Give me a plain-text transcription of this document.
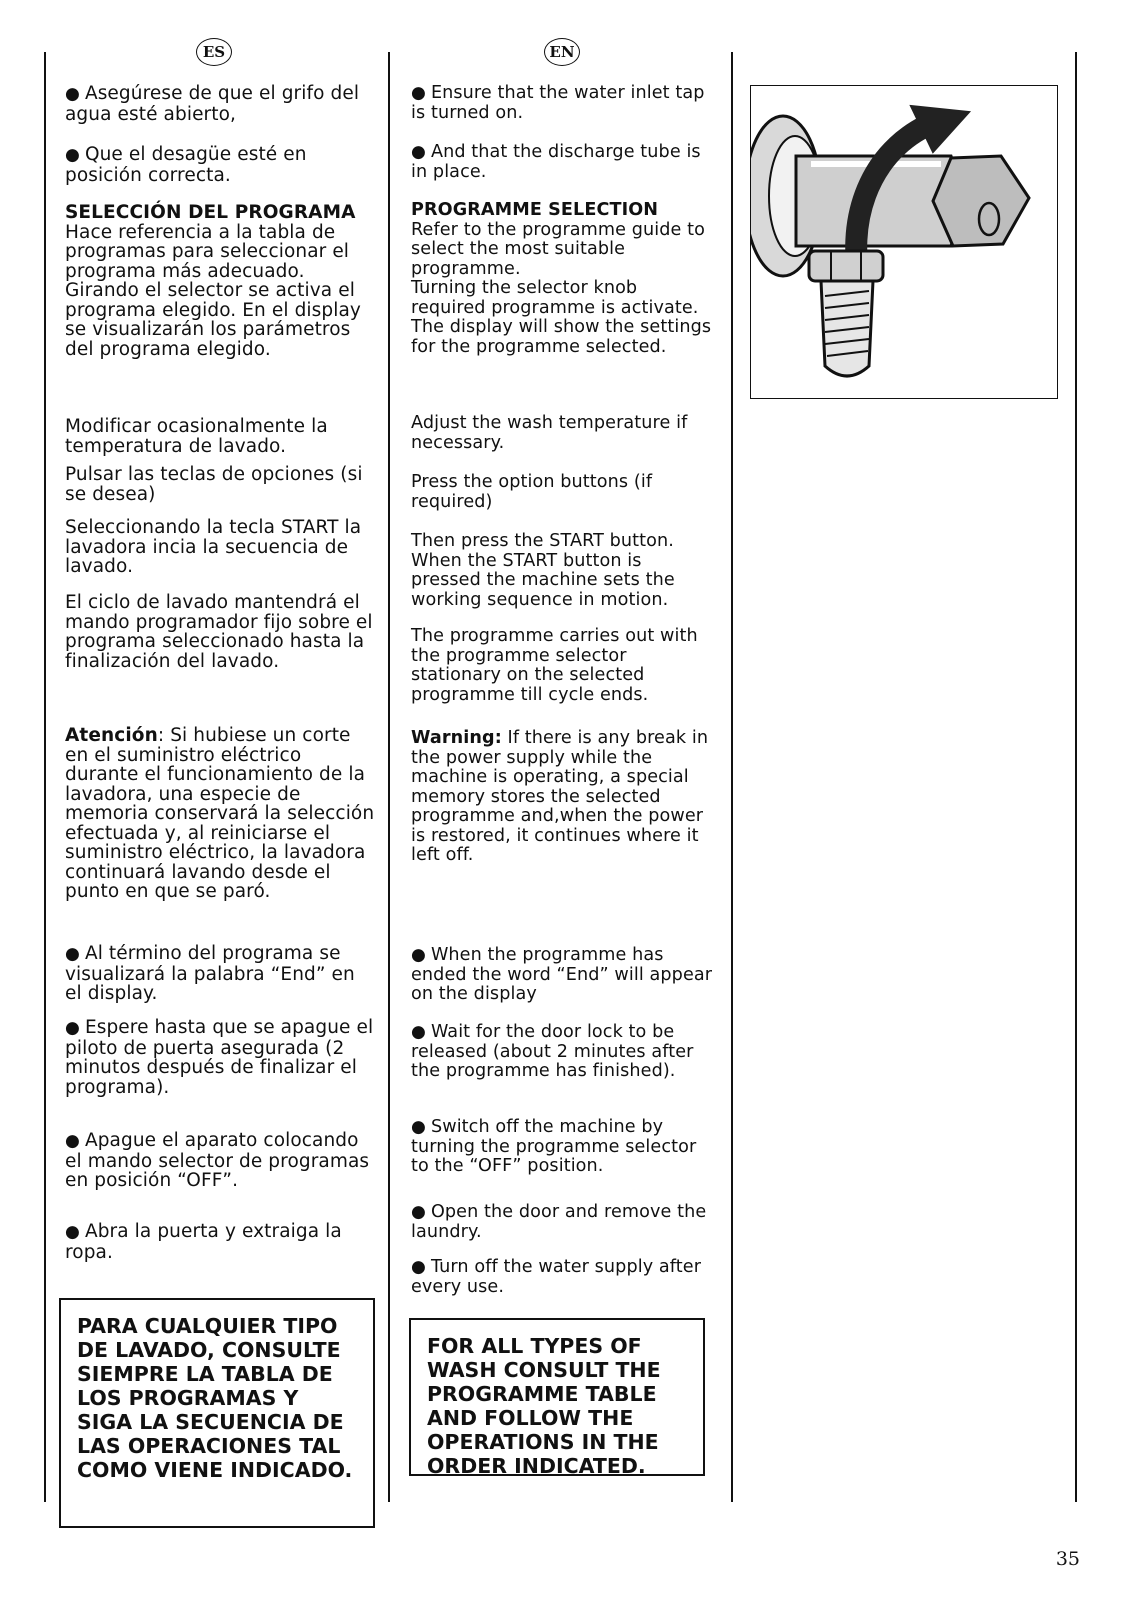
ES	EN

● Asegúrese de que el grifo del agua esté abierto,

● Que el desagüe esté en posición correcta.

SELECCIÓN DEL PROGRAMA

Hace referencia a la tabla de programas para seleccionar el programa más adecuado.

Girando el selector se activa el programa elegido. En el display se visualizarán los parámetros del programa elegido.

Modificar ocasionalmente la temperatura de lavado.

Pulsar las teclas de opciones (si se desea)

Seleccionando la tecla START la lavadora incia la secuencia de lavado.

El ciclo de lavado mantendrá el mando programador fijo sobre el programa seleccionado hasta la finalización del lavado.

Atención: Si hubiese un corte en el suministro eléctrico durante el funcionamiento de la lavadora, una especie de memoria conservará la selección efectuada y, al reiniciarse el suministro eléctrico, la lavadora continuará lavando desde el punto en que se paró.

● Al término del programa se visualizará la palabra “End” en el display.

● Espere hasta que se apague el piloto de puerta asegurada (2 minutos después de finalizar el programa).

● Apague el aparato colocando el mando selector de programas en posición “OFF”.

● Abra la puerta y extraiga la ropa.

● Ensure that the water inlet tap is turned on.

● And that the discharge tube is in place.

PROGRAMME SELECTION

Refer to the programme guide to select the most suitable programme.

Turning the selector knob required programme is activate.

The display will show the settings for the programme selected.

Adjust the wash temperature if necessary.

Press the option buttons (if required)

Then press the START button. When the START button is pressed the machine sets the working sequence in motion.

The programme carries out with the programme selector stationary on the selected programme till cycle ends.

Warning: If there is any break in the power supply while the machine is operating, a special memory stores the selected programme and,when the power is restored, it continues where it left off.

● When the programme has ended the word “End” will appear on the display

● Wait for the door lock to be released (about 2 minutes after the programme has finished).

● Switch off the machine by turning the programme selector to the “OFF” position.

● Open the door and remove the laundry.

● Turn off the water supply after every use.

PARA CUALQUIER TIPO DE LAVADO, CONSULTE SIEMPRE LA TABLA DE LOS PROGRAMAS Y SIGA LA SECUENCIA DE LAS OPERACIONES TAL COMO VIENE INDICADO.
FOR ALL TYPES OF WASH CONSULT THE PROGRAMME TABLE AND FOLLOW THE OPERATIONS IN THE ORDER INDICATED.
35
